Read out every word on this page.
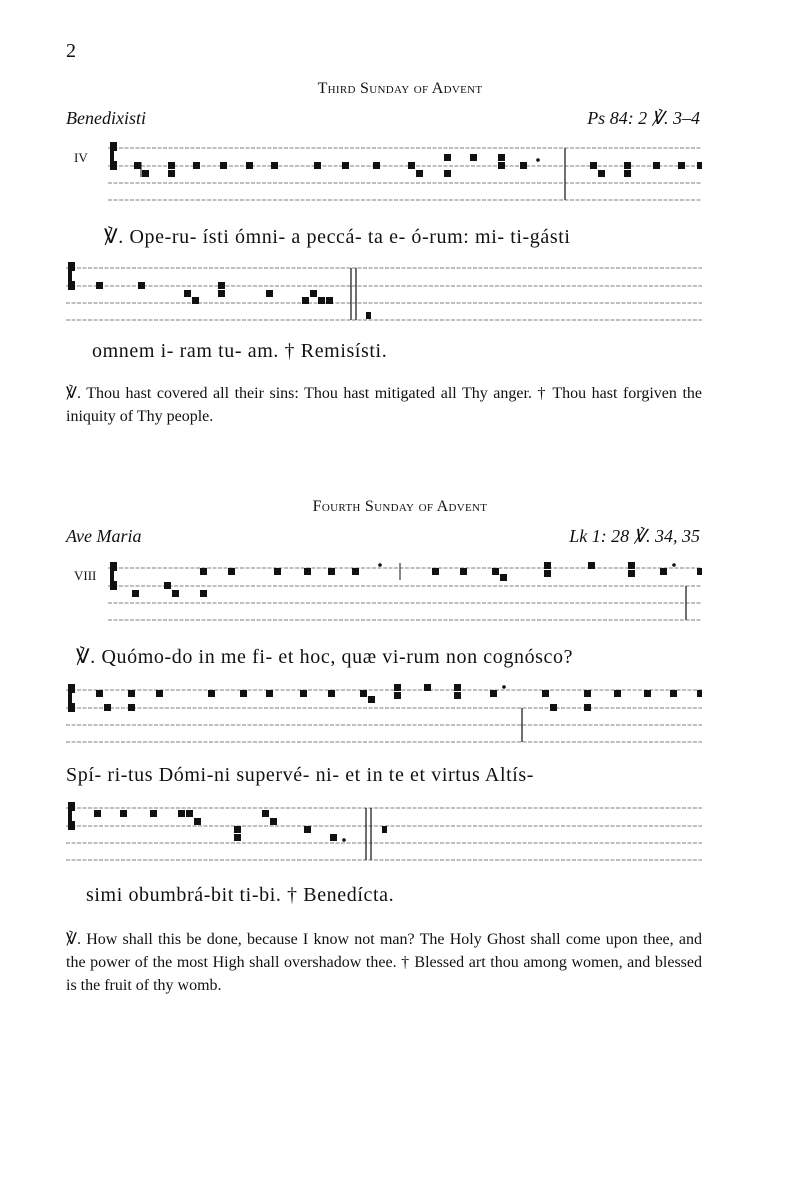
2
Third Sunday of Advent
Benedixisti	Ps 84: 2 ℣. 3–4
IV
℣. Ope-ru- ísti ómni- a peccá- ta e- ó-rum: mi- ti-gásti
omnem i- ram tu- am. † Remisísti.
℣. Thou hast covered all their sins: Thou hast mitigated all Thy anger. † Thou hast forgiven the iniquity of Thy people.
Fourth Sunday of Advent
Ave Maria	Lk 1: 28 ℣. 34, 35
VIII
℣. Quómo-do in me fi- et hoc, quæ vi-rum non cognósco?
Spí- ri-tus Dómi-ni supervé- ni- et in te et virtus Altís-
simi obumbrá-bit ti-bi. † Benedícta.
℣. How shall this be done, because I know not man? The Holy Ghost shall come upon thee, and the power of the most High shall overshadow thee. † Blessed art thou among women, and blessed is the fruit of thy womb.
